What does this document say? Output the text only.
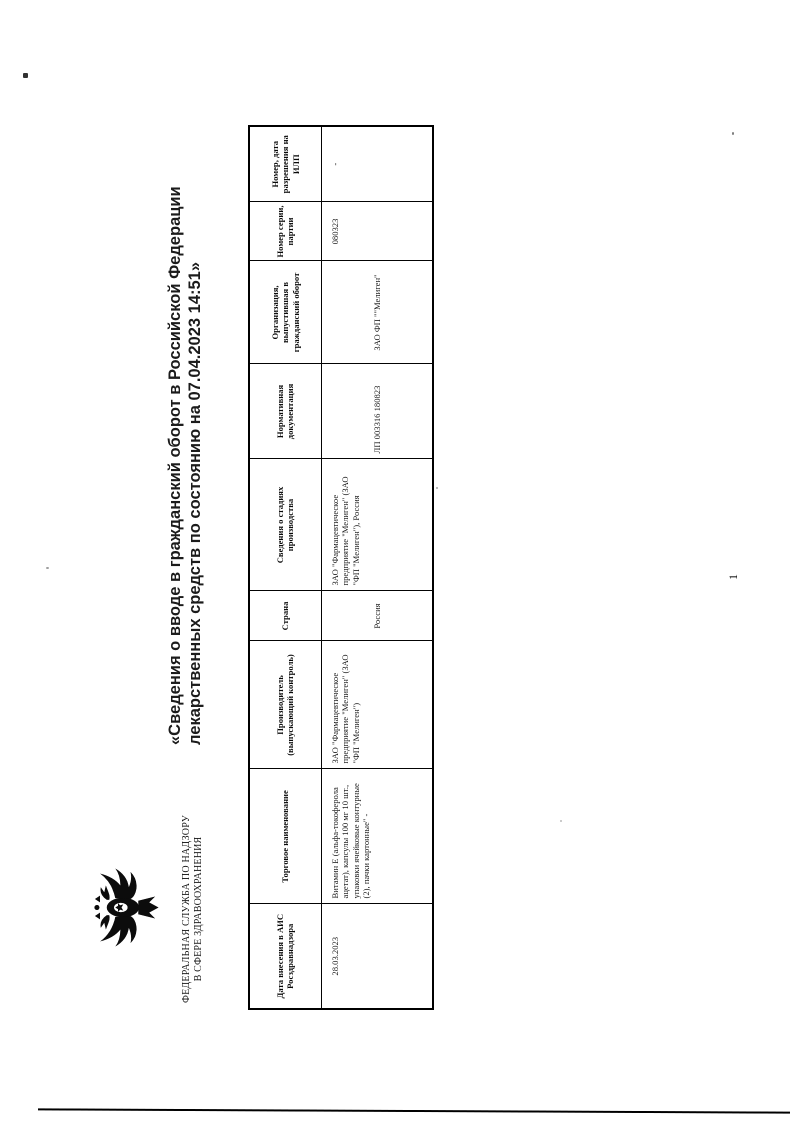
ФЕДЕРАЛЬНАЯ СЛУЖБА ПО НАДЗОРУ В СФЕРЕ ЗДРАВООХРАНЕНИЯ
«Сведения о вводе в гражданский оборот в Российской Федерации лекарственных средств по состоянию на 07.04.2023 14:51»
Дата внесения в АИС Росздравнадзора	Торговое наименование	Производитель (выпускающий контроль)	Страна	Сведения о стадиях производства	Нормативная документация	Организация, выпустившая в гражданский оборот	Номер серии, партии	Номер, дата разрешения на ИЛП
28.03.2023	Витамин Е (альфа-токоферола ацетат), капсулы 100 мг 10 шт., упаковки ячейковые контурные (2), пачки картонные" -	ЗАО "Фармацевтическое предприятие "Мелиген" (ЗАО "ФП "Мелиген")	Россия	ЗАО "Фармацевтическое предприятие "Мелиген" (ЗАО "ФП "Мелиген"), Россия	ЛП 003316 180823	ЗАО ФП ""Мелиген"	080323	-
1
